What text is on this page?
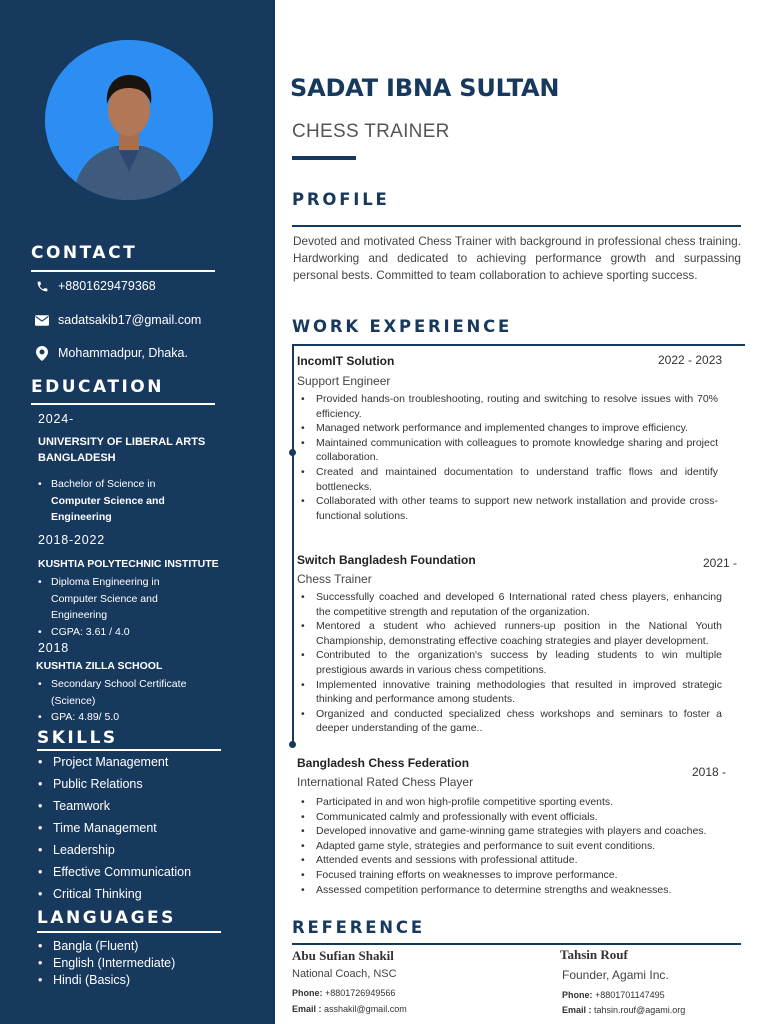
CONTACT
+8801629479368
sadatsakib17@gmail.com
Mohammadpur, Dhaka.
EDUCATION
2024-
UNIVERSITY OF LIBERAL ARTS BANGLADESH
• Bachelor of Science in
Computer Science and
Engineering
2018-2022
KUSHTIA POLYTECHNIC INSTITUTE
• Diploma Engineering in Computer Science and Engineering
• CGPA: 3.61 / 4.0
2018
KUSHTIA ZILLA SCHOOL
• Secondary School Certificate (Science)
• GPA: 4.89/ 5.0
SKILLS
• Project Management
• Public Relations
• Teamwork
• Time Management
• Leadership
• Effective Communication
• Critical Thinking
LANGUAGES
• Bangla (Fluent)
• English (Intermediate)
• Hindi (Basics)
SADAT IBNA SULTAN
CHESS TRAINER
PROFILE
Devoted and motivated Chess Trainer with background in professional chess training. Hardworking and dedicated to achieving performance growth and surpassing personal bests. Committed to team collaboration to achieve sporting success.
WORK EXPERIENCE
IncomIT Solution	2022 - 2023
Support Engineer
• Provided hands-on troubleshooting, routing and switching to resolve issues with 70% efficiency.
• Managed network performance and implemented changes to improve efficiency.
• Maintained communication with colleagues to promote knowledge sharing and project collaboration.
• Created and maintained documentation to understand traffic flows and identify bottlenecks.
• Collaborated with other teams to support new network installation and provide cross-functional solutions.
Switch Bangladesh Foundation	2021 -
Chess Trainer
• Successfully coached and developed 6 International rated chess players, enhancing the competitive strength and reputation of the organization.
• Mentored a student who achieved runners-up position in the National Youth Championship, demonstrating effective coaching strategies and player development.
• Contributed to the organization's success by leading students to win multiple prestigious awards in various chess competitions.
• Implemented innovative training methodologies that resulted in improved strategic thinking and performance among students.
• Organized and conducted specialized chess workshops and seminars to foster a deeper understanding of the game..
Bangladesh Chess Federation
2018 -
International Rated Chess Player
• Participated in and won high-profile competitive sporting events.
• Communicated calmly and professionally with event officials.
• Developed innovative and game-winning game strategies with players and coaches.
• Adapted game style, strategies and performance to suit event conditions.
• Attended events and sessions with professional attitude.
• Focused training efforts on weaknesses to improve performance.
• Assessed competition performance to determine strengths and weaknesses.
REFERENCE
Abu Sufian Shakil
National Coach, NSC
Phone: +8801726949566
Email : asshakil@gmail.com
Tahsin Rouf
Founder, Agami Inc.
Phone: +8801701147495
Email : tahsin.rouf@agami.org
